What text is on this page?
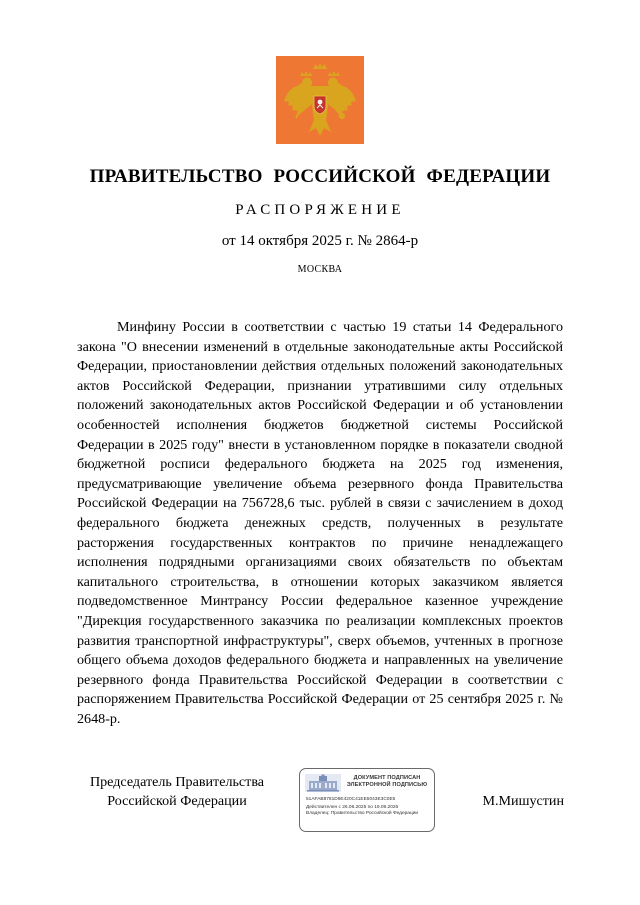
ПРАВИТЕЛЬСТВО РОССИЙСКОЙ ФЕДЕРАЦИИ
РАСПОРЯЖЕНИЕ
от 14 октября 2025 г. № 2864-р
МОСКВА

Минфину России в соответствии с частью 19 статьи 14 Федерального закона "О внесении изменений в отдельные законодательные акты Российской Федерации, приостановлении действия отдельных положений законодательных актов Российской Федерации, признании утратившими силу отдельных положений законодательных актов Российской Федерации и об установлении особенностей исполнения бюджетов бюджетной системы Российской Федерации в 2025 году" внести в установленном порядке в показатели сводной бюджетной росписи федерального бюджета на 2025 год изменения, предусматривающие увеличение объема резервного фонда Правительства Российской Федерации на 756728,6 тыс. рублей в связи с зачислением в доход федерального бюджета денежных средств, полученных в результате расторжения государственных контрактов по причине ненадлежащего исполнения подрядными организациями своих обязательств по объектам капитального строительства, в отношении которых заказчиком является подведомственное Минтрансу России федеральное казенное учреждение "Дирекция государственного заказчика по реализации комплексных проектов развития транспортной инфраструктуры", сверх объемов, учтенных в прогнозе общего объема доходов федерального бюджета и направленных на увеличение резервного фонда Правительства Российской Федерации в соответствии с распоряжением Правительства Российской Федерации от 25 сентября 2025 г. № 2648-р.

Председатель Правительства
Российской Федерации
ДОКУМЕНТ ПОДПИСАН
ЭЛЕКТРОННОЙ ПОДПИСЬЮ
51AFAB8781D9E420C41EE5043E3C0E5
Действителен с 26.06.2025 по 19.09.2026
Владелец: Правительство Российской Федерации
М.Мишустин
